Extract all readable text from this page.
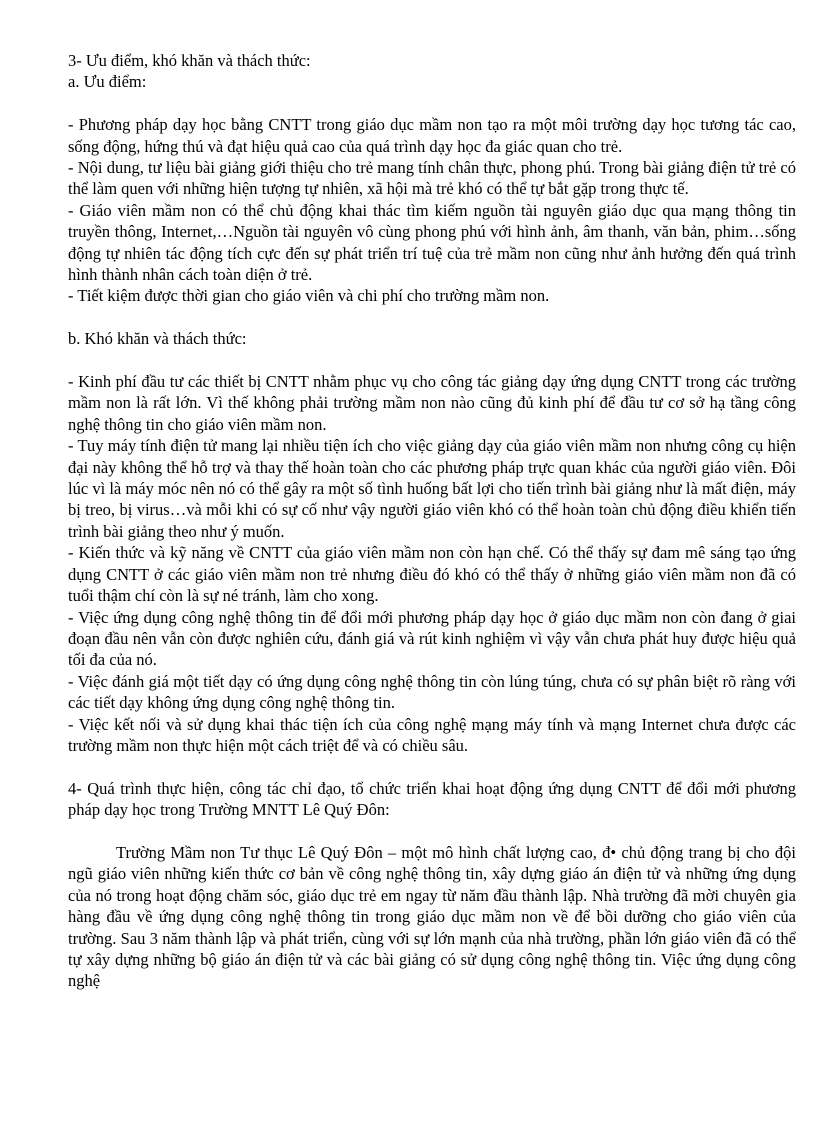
3- Ưu điểm, khó khăn và thách thức:

a. Ưu điểm:

- Phương pháp dạy học bằng CNTT trong giáo dục mầm non tạo ra một môi trường dạy học tương tác cao, sống động, hứng thú và đạt hiệu quả cao của quá trình dạy học đa giác quan cho trẻ.

- Nội dung, tư liệu bài giảng giới thiệu cho trẻ mang tính chân thực, phong phú. Trong bài giảng điện tử trẻ có thể làm quen với những hiện tượng tự nhiên, xã hội mà trẻ khó có thể tự bắt gặp trong thực tế.

- Giáo viên mầm non có thể chủ động khai thác tìm kiếm nguồn tài nguyên giáo dục qua mạng thông tin truyền thông, Internet,…Nguồn tài nguyên vô cùng phong phú với hình ảnh, âm thanh, văn bản, phim…sống động tự nhiên tác động tích cực đến sự phát triển trí tuệ của trẻ mầm non cũng như ảnh hưởng đến quá trình hình thành nhân cách toàn diện ở trẻ.

- Tiết kiệm được thời gian cho giáo viên và chi phí cho trường mầm non.

b. Khó khăn và thách thức:

- Kinh phí đầu tư các thiết bị CNTT nhằm phục vụ cho công tác giảng dạy ứng dụng CNTT trong các trường mầm non là rất lớn. Vì thế không phải trường mầm non nào cũng đủ kinh phí để đầu tư cơ sở hạ tầng công nghệ thông tin cho giáo viên mầm non.

- Tuy máy tính điện tử mang lại nhiều tiện ích cho việc giảng dạy của giáo viên mầm non nhưng công cụ hiện đại này không thể hỗ trợ và thay thế hoàn toàn cho các phương pháp trực quan khác của người giáo viên. Đôi lúc vì là máy móc nên nó có thể gây ra một số tình huống bất lợi cho tiến trình bài giảng như là mất điện, máy bị treo, bị virus…và mỗi khi có sự cố như vậy người giáo viên khó có thể hoàn toàn chủ động điều khiển tiến trình bài giảng theo như ý muốn.

- Kiến thức và kỹ năng về CNTT của giáo viên mầm non còn hạn chế. Có thể thấy sự đam mê sáng tạo ứng dụng CNTT ở các giáo viên mầm non trẻ nhưng điều đó khó có thể thấy ở những giáo viên mầm non đã có tuổi thậm chí còn là sự né tránh, làm cho xong.

- Việc ứng dụng công nghệ thông tin để đổi mới phương pháp dạy học ở giáo dục mầm non còn đang ở giai đoạn đầu nên vẫn còn được nghiên cứu, đánh giá và rút kinh nghiệm vì vậy vẫn chưa phát huy được hiệu quả tối đa của nó.

- Việc đánh giá một tiết dạy có ứng dụng công nghệ thông tin còn lúng túng, chưa có sự phân biệt rõ ràng với các tiết dạy không ứng dụng công nghệ thông tin.

- Việc kết nối và sử dụng khai thác tiện ích của công nghệ mạng máy tính và mạng Internet chưa được các trường mầm non thực hiện một cách triệt để và có chiều sâu.

4- Quá trình thực hiện, công tác chỉ đạo, tổ chức triển khai hoạt động ứng dụng CNTT để đổi mới phương pháp dạy học trong Trường MNTT Lê Quý Đôn:

Trường Mầm non Tư thục Lê Quý Đôn – một mô hình chất lượng cao, đ• chủ động trang bị cho đội ngũ giáo viên những kiến thức cơ bản về công nghệ thông tin, xây dựng giáo án điện tử và những ứng dụng của nó trong hoạt động chăm sóc, giáo dục trẻ em ngay từ năm đầu thành lập. Nhà trường đã mời chuyên gia hàng đầu về ứng dụng công nghệ thông tin trong giáo dục mầm non về để bồi dưỡng cho giáo viên của trường. Sau 3 năm thành lập và phát triển, cùng với sự lớn mạnh của nhà trường, phần lớn giáo viên đã có thể tự xây dựng những bộ giáo án điện tử và các bài giảng có sử dụng công nghệ thông tin. Việc ứng dụng công nghệ
